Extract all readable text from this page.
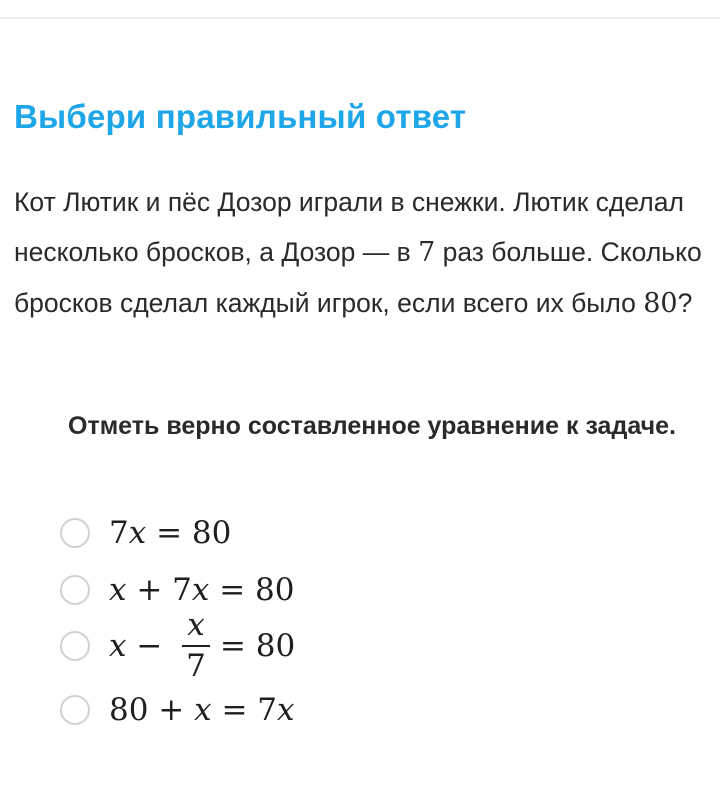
Выбери правильный ответ
Кот Лютик и пёс Дозор играли в снежки. Лютик сделал несколько бросков, а Дозор — в 7 раз больше. Сколько бросков сделал каждый игрок, если всего их было 80?
Отметь верно составленное уравнение к задаче.
7 x = 80
x + 7 x = 80
$x - \frac{x}{7} = 80$
80 + x = 7 x
